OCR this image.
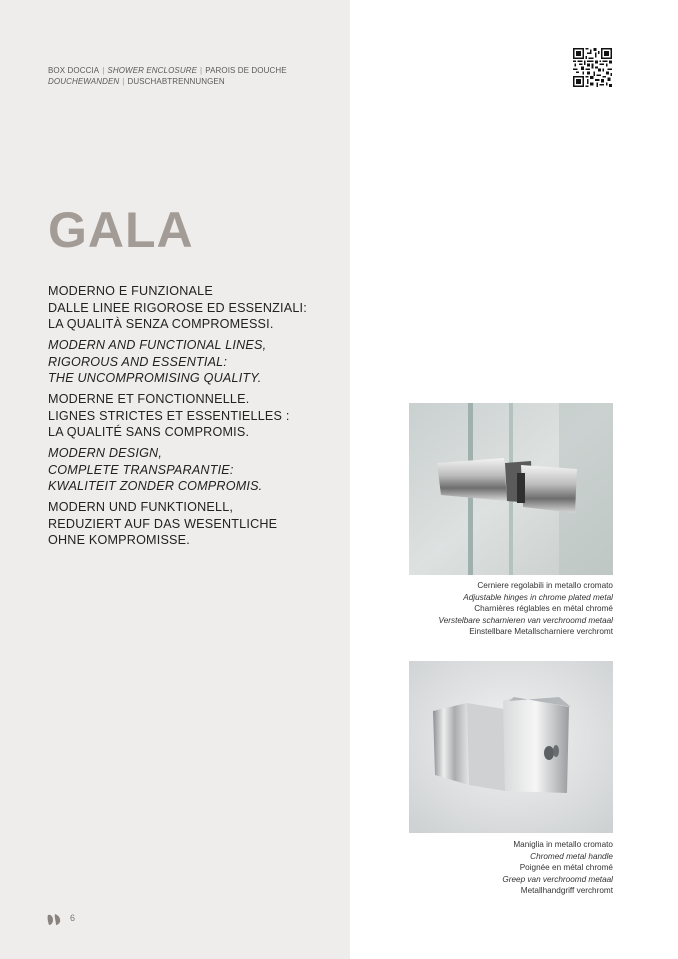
BOX DOCCIA | SHOWER ENCLOSURE | PAROIS DE DOUCHE
DOUCHEWANDEN | DUSCHABTRENNUNGEN
GALA

MODERNO E FUNZIONALE
DALLE LINEE RIGOROSE ED ESSENZIALI:
LA QUALITÀ SENZA COMPROMESSI.

MODERN AND FUNCTIONAL LINES,
RIGOROUS AND ESSENTIAL:
THE UNCOMPROMISING QUALITY.

MODERNE ET FONCTIONNELLE.
LIGNES STRICTES ET ESSENTIELLES :
LA QUALITÉ SANS COMPROMIS.

MODERN DESIGN,
COMPLETE TRANSPARANTIE:
KWALITEIT ZONDER COMPROMIS.

MODERN UND FUNKTIONELL,
REDUZIERT AUF DAS WESENTLICHE
OHNE KOMPROMISSE.

Cerniere regolabili in metallo cromato
Adjustable hinges in chrome plated metal
Charnières réglables en métal chromé
Verstelbare scharnieren van verchroomd metaal
Einstellbare Metallscharniere verchromt
Maniglia in metallo cromato
Chromed metal handle
Poignée en métal chromé
Greep van verchroomd metaal
Metallhandgriff verchromt
6
